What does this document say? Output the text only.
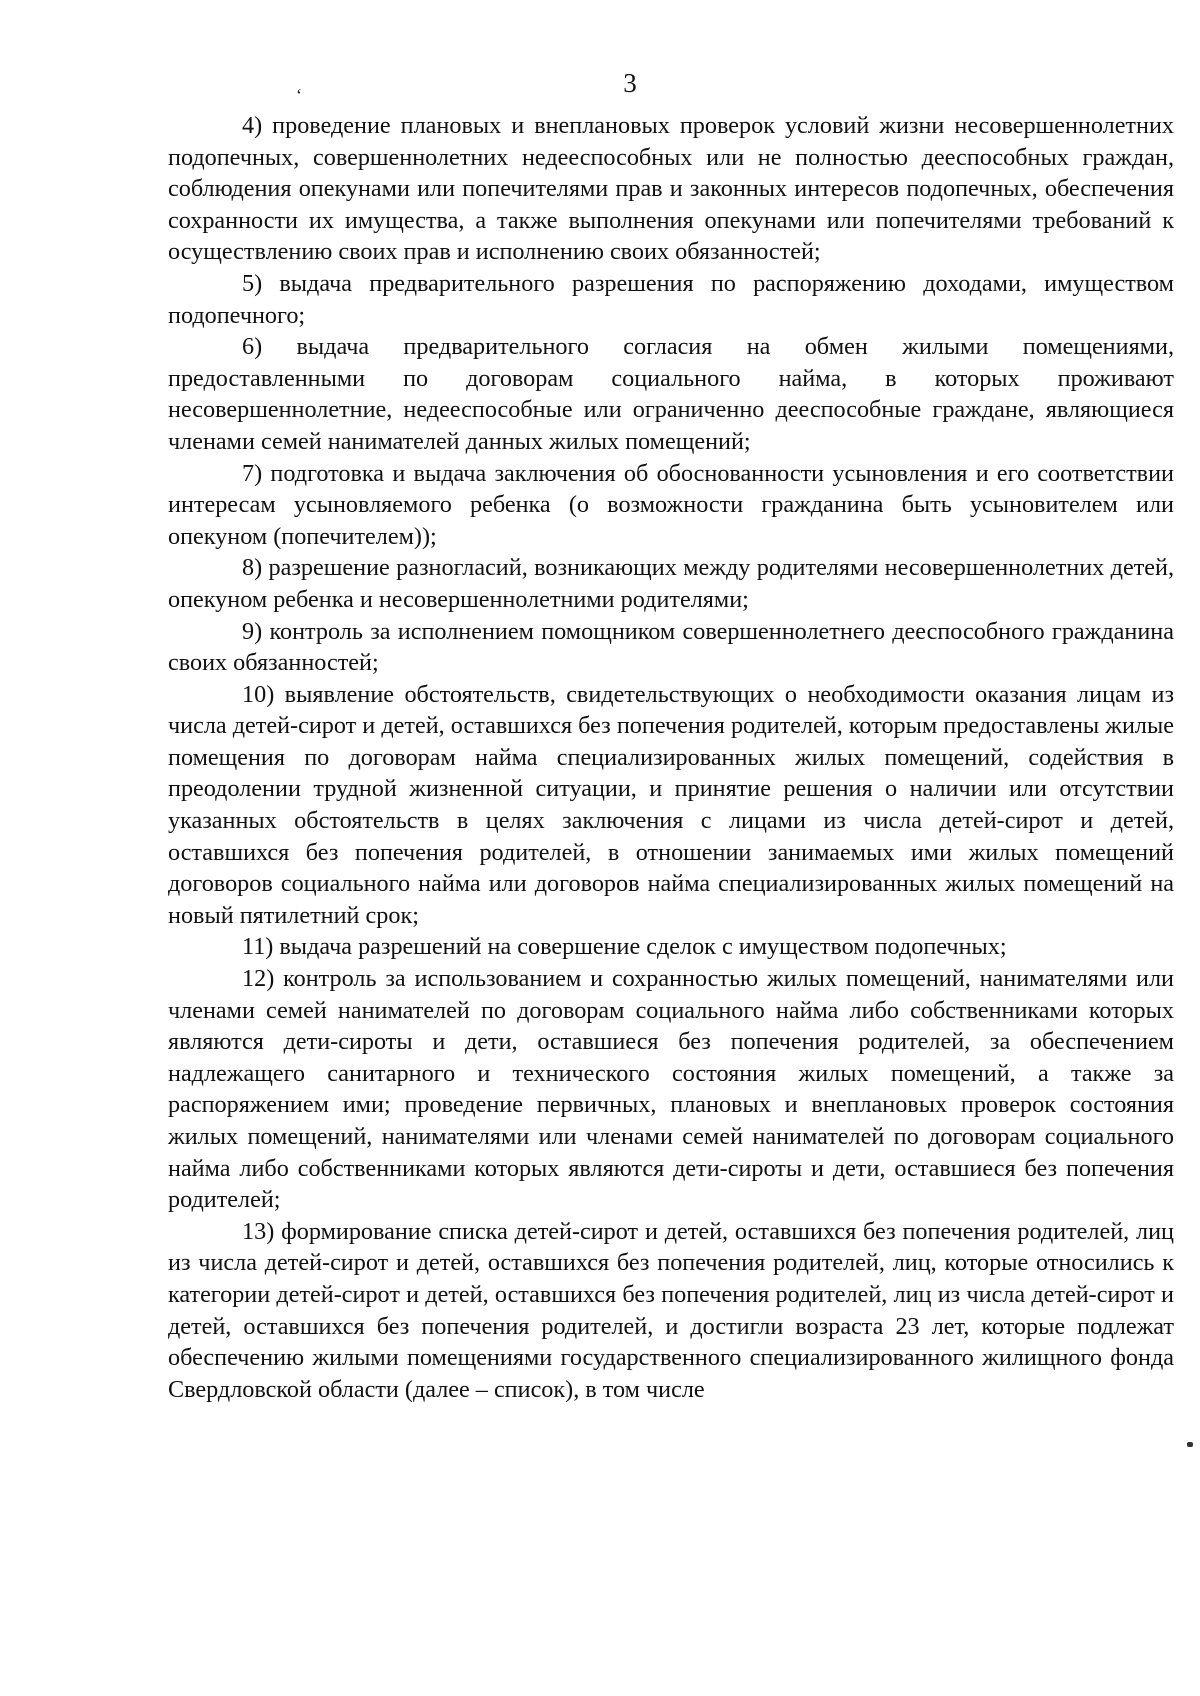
3
ʻ

4) проведение плановых и внеплановых проверок условий жизни несовершеннолетних подопечных, совершеннолетних недееспособных или не полностью дееспособных граждан, соблюдения опекунами или попечителями прав и законных интересов подопечных, обеспечения сохранности их имущества, а также выполнения опекунами или попечителями требований к осуществлению своих прав и исполнению своих обязанностей;

5) выдача предварительного разрешения по распоряжению доходами, имуществом подопечного;

6) выдача предварительного согласия на обмен жилыми помещениями, предоставленными по договорам социального найма, в которых проживают несовершеннолетние, недееспособные или ограниченно дееспособные граждане, являющиеся членами семей нанимателей данных жилых помещений;

7) подготовка и выдача заключения об обоснованности усыновления и его соответствии интересам усыновляемого ребенка (о возможности гражданина быть усыновителем или опекуном (попечителем));

8) разрешение разногласий, возникающих между родителями несовершеннолетних детей, опекуном ребенка и несовершеннолетними родителями;

9) контроль за исполнением помощником совершеннолетнего дееспособного гражданина своих обязанностей;

10) выявление обстоятельств, свидетельствующих о необходимости оказания лицам из числа детей-сирот и детей, оставшихся без попечения родителей, которым предоставлены жилые помещения по договорам найма специализированных жилых помещений, содействия в преодолении трудной жизненной ситуации, и принятие решения о наличии или отсутствии указанных обстоятельств в целях заключения с лицами из числа детей-сирот и детей, оставшихся без попечения родителей, в отношении занимаемых ими жилых помещений договоров социального найма или договоров найма специализированных жилых помещений на новый пятилетний срок;

11) выдача разрешений на совершение сделок с имуществом подопечных;

12) контроль за использованием и сохранностью жилых помещений, нанимателями или членами семей нанимателей по договорам социального найма либо собственниками которых являются дети-сироты и дети, оставшиеся без попечения родителей, за обеспечением надлежащего санитарного и технического состояния жилых помещений, а также за распоряжением ими; проведение первичных, плановых и внеплановых проверок состояния жилых помещений, нанимателями или членами семей нанимателей по договорам социального найма либо собственниками которых являются дети-сироты и дети, оставшиеся без попечения родителей;

13) формирование списка детей-сирот и детей, оставшихся без попечения родителей, лиц из числа детей-сирот и детей, оставшихся без попечения родителей, лиц, которые относились к категории детей-сирот и детей, оставшихся без попечения родителей, лиц из числа детей-сирот и детей, оставшихся без попечения родителей, и достигли возраста 23 лет, которые подлежат обеспечению жилыми помещениями государственного специализированного жилищного фонда Свердловской области (далее – список), в том числе
